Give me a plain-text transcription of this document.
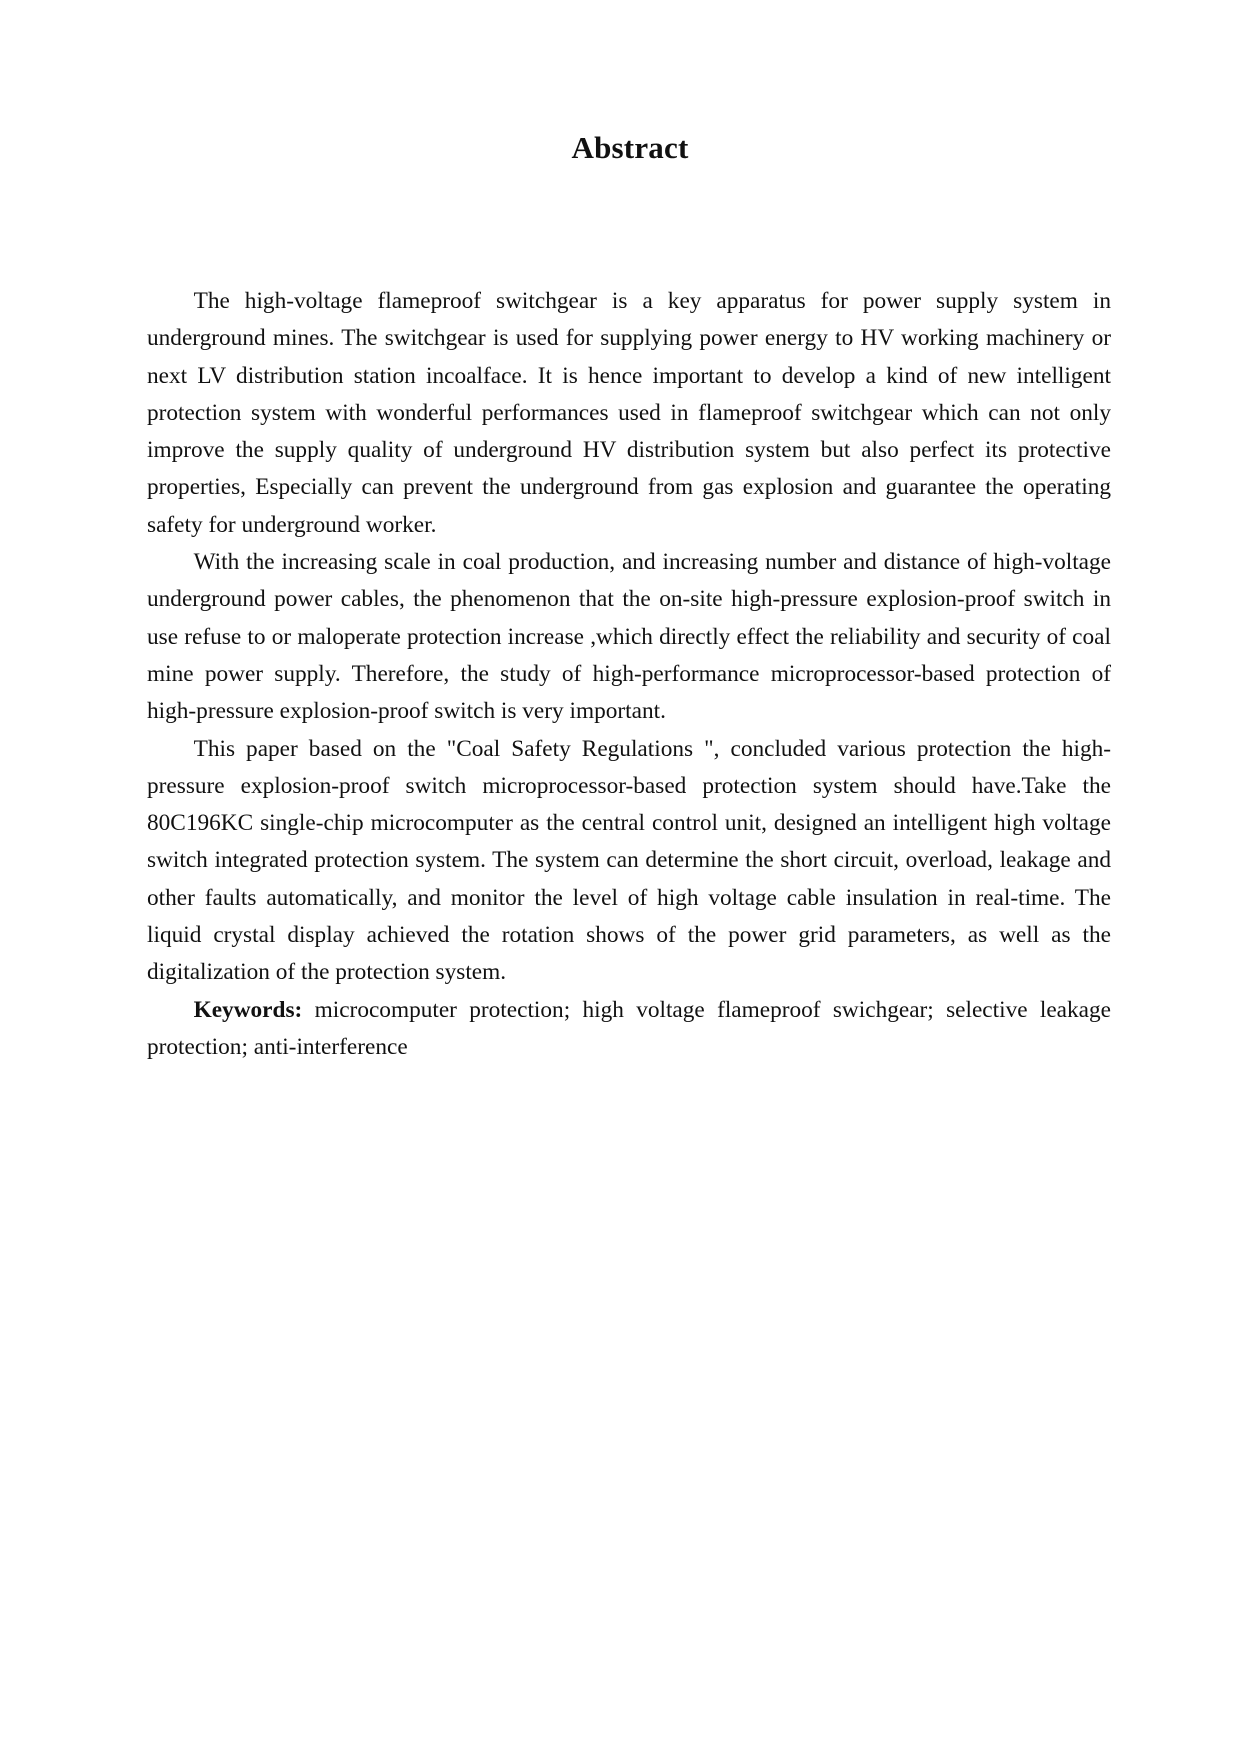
Abstract

The high-voltage flameproof switchgear is a key apparatus for power supply system in underground mines. The switchgear is used for supplying power energy to HV working machinery or next LV distribution station incoalface. It is hence important to develop a kind of new intelligent protection system with wonderful performances used in flameproof switchgear which can not only improve the supply quality of underground HV distribution system but also perfect its protective properties, Especially can prevent the underground from gas explosion and guarantee the operating safety for underground worker.

With the increasing scale in coal production, and increasing number and distance of high-voltage underground power cables, the phenomenon that the on-site high-pressure explosion-proof switch in use refuse to or maloperate protection increase ,which directly effect the reliability and security of coal mine power supply. Therefore, the study of high-performance microprocessor-based protection of high-pressure explosion-proof switch is very important.

This paper based on the "Coal Safety Regulations ", concluded various protection the high-pressure explosion-proof switch microprocessor-based protection system should have.Take the 80C196KC single-chip microcomputer as the central control unit, designed an intelligent high voltage switch integrated protection system. The system can determine the short circuit, overload, leakage and other faults automatically, and monitor the level of high voltage cable insulation in real-time. The liquid crystal display achieved the rotation shows of the power grid parameters, as well as the digitalization of the protection system.

Keywords: microcomputer protection; high voltage flameproof swichgear; selective leakage protection; anti-interference
